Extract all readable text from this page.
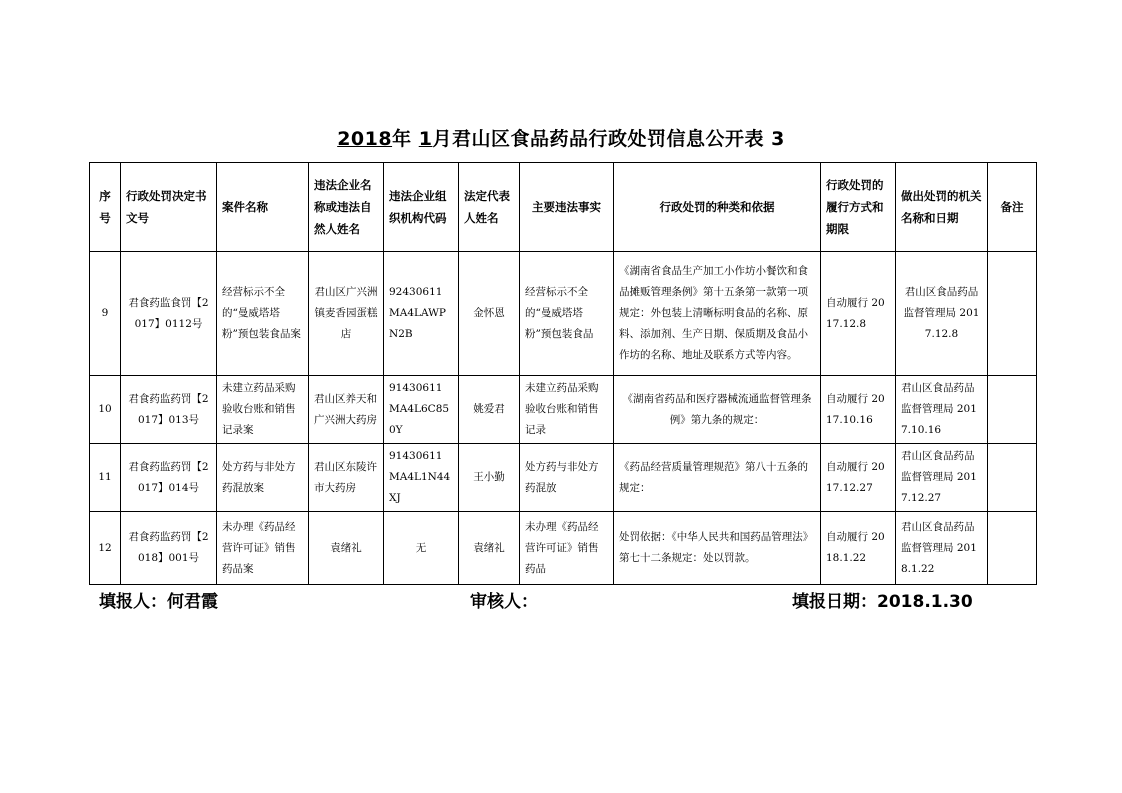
2018年 1月君山区食品药品行政处罚信息公开表 3
序号	行政处罚决定书文号	案件名称	违法企业名称或违法自然人姓名	违法企业组织机构代码	法定代表人姓名	主要违法事实	行政处罚的种类和依据	行政处罚的履行方式和期限	做出处罚的机关名称和日期	备注
9	君食药监食罚【2017】0112号	经营标示不全的“曼威塔塔粉”预包装食品案	君山区广兴洲镇麦香园蛋糕店	92430611MA4LAWPN2B	金怀恩	经营标示不全的“曼威塔塔粉”预包装食品	《湖南省食品生产加工小作坊小餐饮和食品摊贩管理条例》第十五条第一款第一项规定：外包装上清晰标明食品的名称、原料、添加剂、生产日期、保质期及食品小作坊的名称、地址及联系方式等内容。	自动履行 2017.12.8	君山区食品药品监督管理局 2017.12.8	
10	君食药监药罚【2017】013号	未建立药品采购验收台账和销售记录案	君山区养天和广兴洲大药房	91430611MA4L6C850Y	姚爱君	未建立药品采购验收台账和销售记录	《湖南省药品和医疗器械流通监督管理条例》第九条的规定：	自动履行 2017.10.16	君山区食品药品监督管理局 2017.10.16	
11	君食药监药罚【2017】014号	处方药与非处方药混放案	君山区东陵许市大药房	91430611MA4L1N44XJ	王小勤	处方药与非处方药混放	《药品经营质量管理规范》第八十五条的规定：	自动履行 2017.12.27	君山区食品药品监督管理局 2017.12.27	
12	君食药监药罚【2018】001号	未办理《药品经营许可证》销售药品案	袁绪礼	无	袁绪礼	未办理《药品经营许可证》销售药品	处罚依据：《中华人民共和国药品管理法》第七十二条规定：处以罚款。	自动履行 2018.1.22	君山区食品药品监督管理局 2018.1.22	
填报人：何君霞	审核人：	填报日期：2018.1.30
